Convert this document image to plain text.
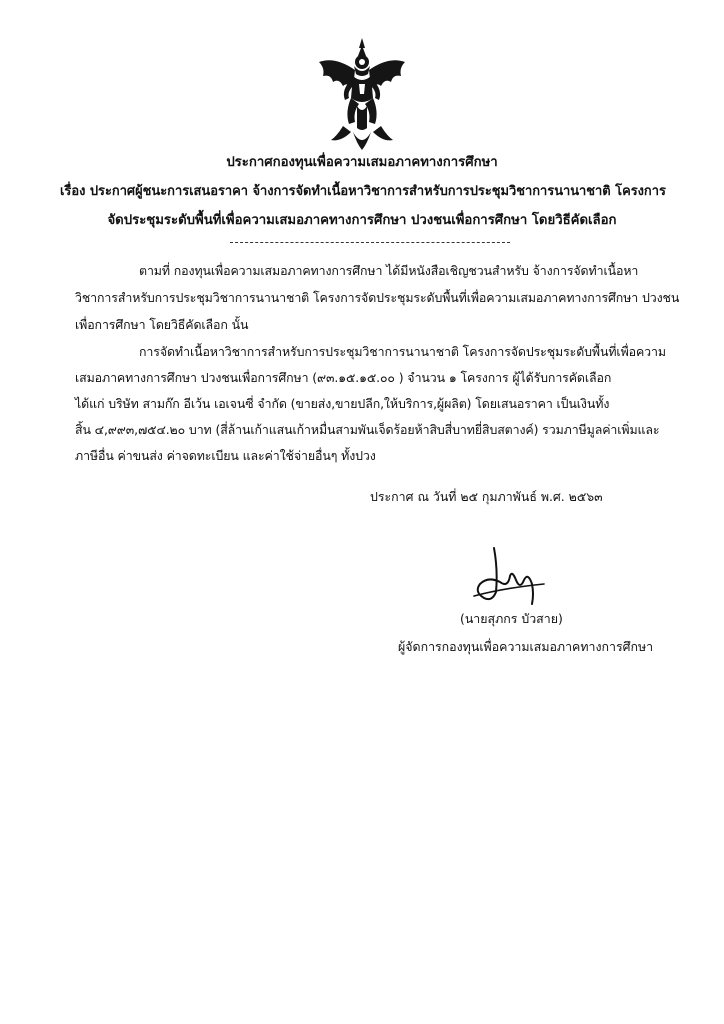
ประกาศกองทุนเพื่อความเสมอภาคทางการศึกษา
เรื่อง ประกาศผู้ชนะการเสนอราคา จ้างการจัดทำเนื้อหาวิชาการสำหรับการประชุมวิชาการนานาชาติ โครงการ
จัดประชุมระดับพื้นที่เพื่อความเสมอภาคทางการศึกษา ปวงชนเพื่อการศึกษา โดยวิธีคัดเลือก
ตามที่ กองทุนเพื่อความเสมอภาคทางการศึกษา ได้มีหนังสือเชิญชวนสำหรับ จ้างการจัดทำเนื้อหา
วิชาการสำหรับการประชุมวิชาการนานาชาติ โครงการจัดประชุมระดับพื้นที่เพื่อความเสมอภาคทางการศึกษา ปวงชน
เพื่อการศึกษา โดยวิธีคัดเลือก นั้น
การจัดทำเนื้อหาวิชาการสำหรับการประชุมวิชาการนานาชาติ โครงการจัดประชุมระดับพื้นที่เพื่อความ
เสมอภาคทางการศึกษา ปวงชนเพื่อการศึกษา (๙๓.๑๕.๑๕.๐๐ ) จำนวน ๑ โครงการ ผู้ได้รับการคัดเลือก
ได้แก่ บริษัท สามก๊ก อีเว้น เอเจนซี่ จำกัด (ขายส่ง,ขายปลีก,ให้บริการ,ผู้ผลิต) โดยเสนอราคา เป็นเงินทั้ง
สิ้น ๔,๙๙๓,๗๕๔.๒๐ บาท (สี่ล้านเก้าแสนเก้าหมื่นสามพันเจ็ดร้อยห้าสิบสี่บาทยี่สิบสตางค์) รวมภาษีมูลค่าเพิ่มและ
ภาษีอื่น ค่าขนส่ง ค่าจดทะเบียน และค่าใช้จ่ายอื่นๆ ทั้งปวง
ประกาศ ณ วันที่ ๒๕ กุมภาพันธ์ พ.ศ. ๒๕๖๓
(นายสุภกร บัวสาย)
ผู้จัดการกองทุนเพื่อความเสมอภาคทางการศึกษา
